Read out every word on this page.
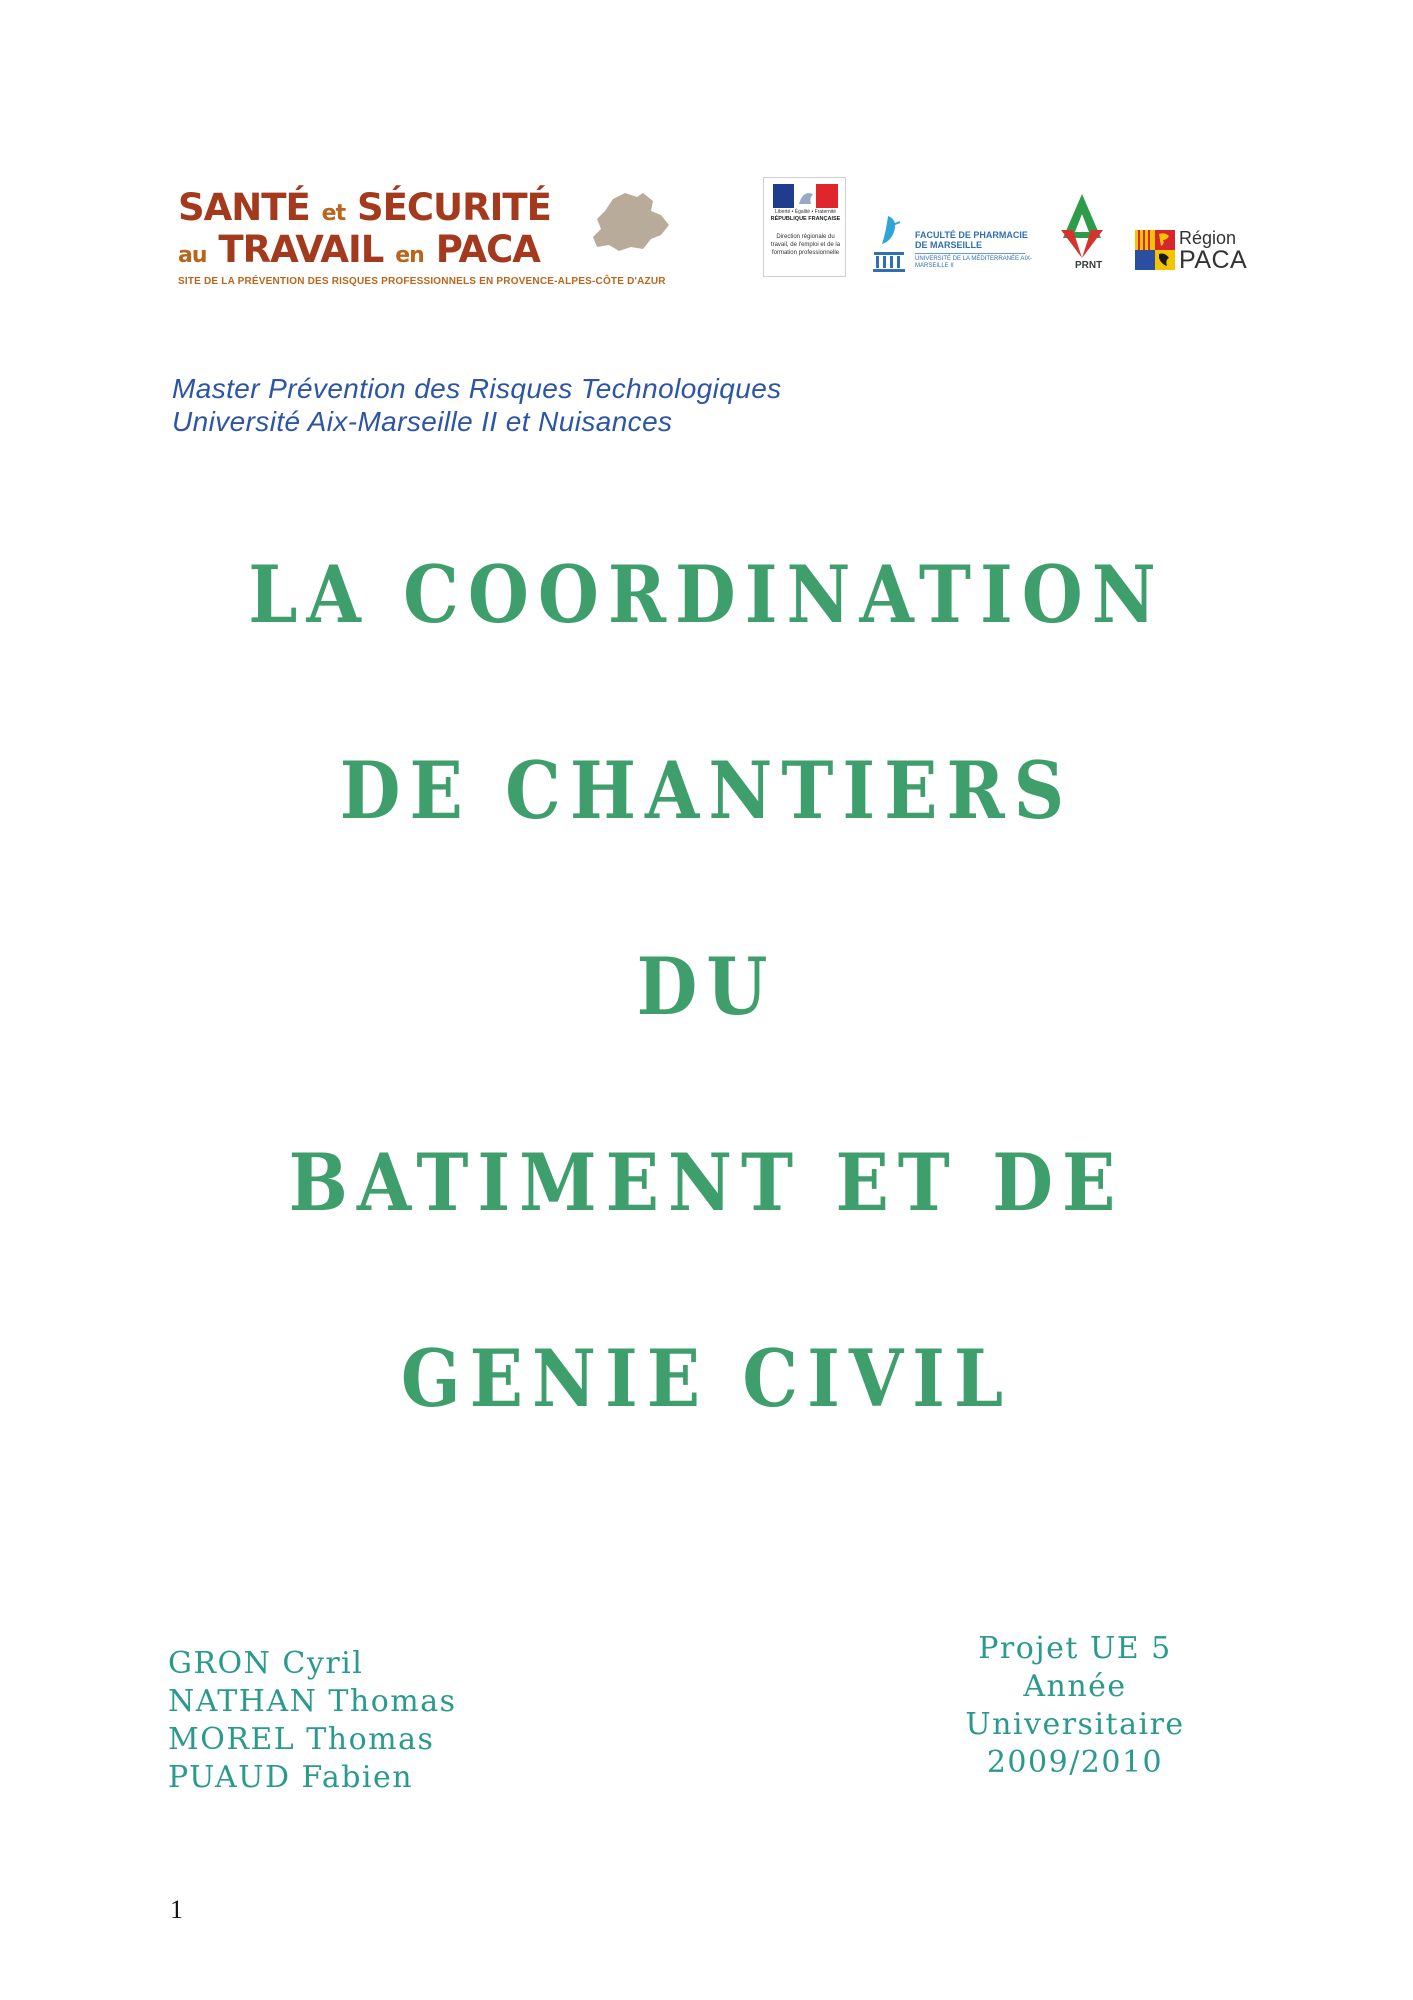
SANTÉ et SÉCURITÉ
au TRAVAIL en PACA
SITE DE LA PRÉVENTION DES RISQUES PROFESSIONNELS EN PROVENCE-ALPES-CÔTE D'AZUR
Liberté • Égalité • Fraternité
RÉPUBLIQUE FRANÇAISE
Direction régionale du travail, de l'emploi et de la formation professionnelle
FACULTÉ DE PHARMACIE DE MARSEILLE
UNIVERSITÉ DE LA MÉDITERRANÉE AIX-MARSEILLE II	PRNT
Région
PACA
Master Prévention des Risques Technologiques
Université Aix-Marseille II et Nuisances
LA COORDINATION
DE CHANTIERS
DU
BATIMENT ET DE
GENIE CIVIL
GRON Cyril
NATHAN Thomas
MOREL Thomas
PUAUD Fabien
Projet UE 5
Année Universitaire
2009/2010
1
